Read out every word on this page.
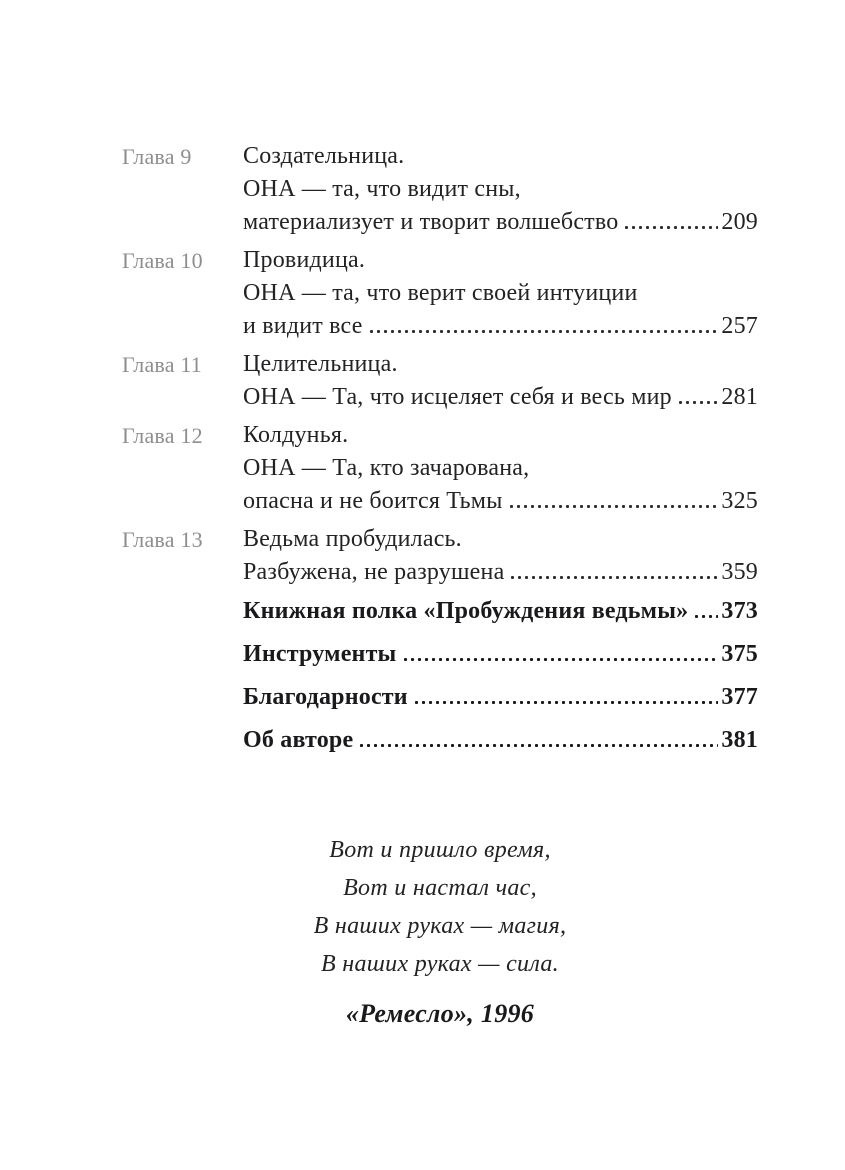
Глава 9	Создательница.
ОНА — та, что видит сны,
материализует и творит волшебство	209
Глава 10	Провидица.
ОНА — та, что верит своей интуиции
и видит все	257
Глава 11	Целительница.
ОНА — Та, что исцеляет себя и весь мир 281
Глава 12	Колдунья.
ОНА — Та, кто зачарована,
опасна и не боится Тьмы	325
Глава 13	Ведьма пробудилась.
Разбужена, не разрушена	359
Книжная полка «Пробуждения ведьмы» 373
Инструменты	375
Благодарности	377
Об авторе	381
Вот и пришло время,
Вот и настал час,
В наших руках — магия,
В наших руках — сила.
«Ремесло», 1996
